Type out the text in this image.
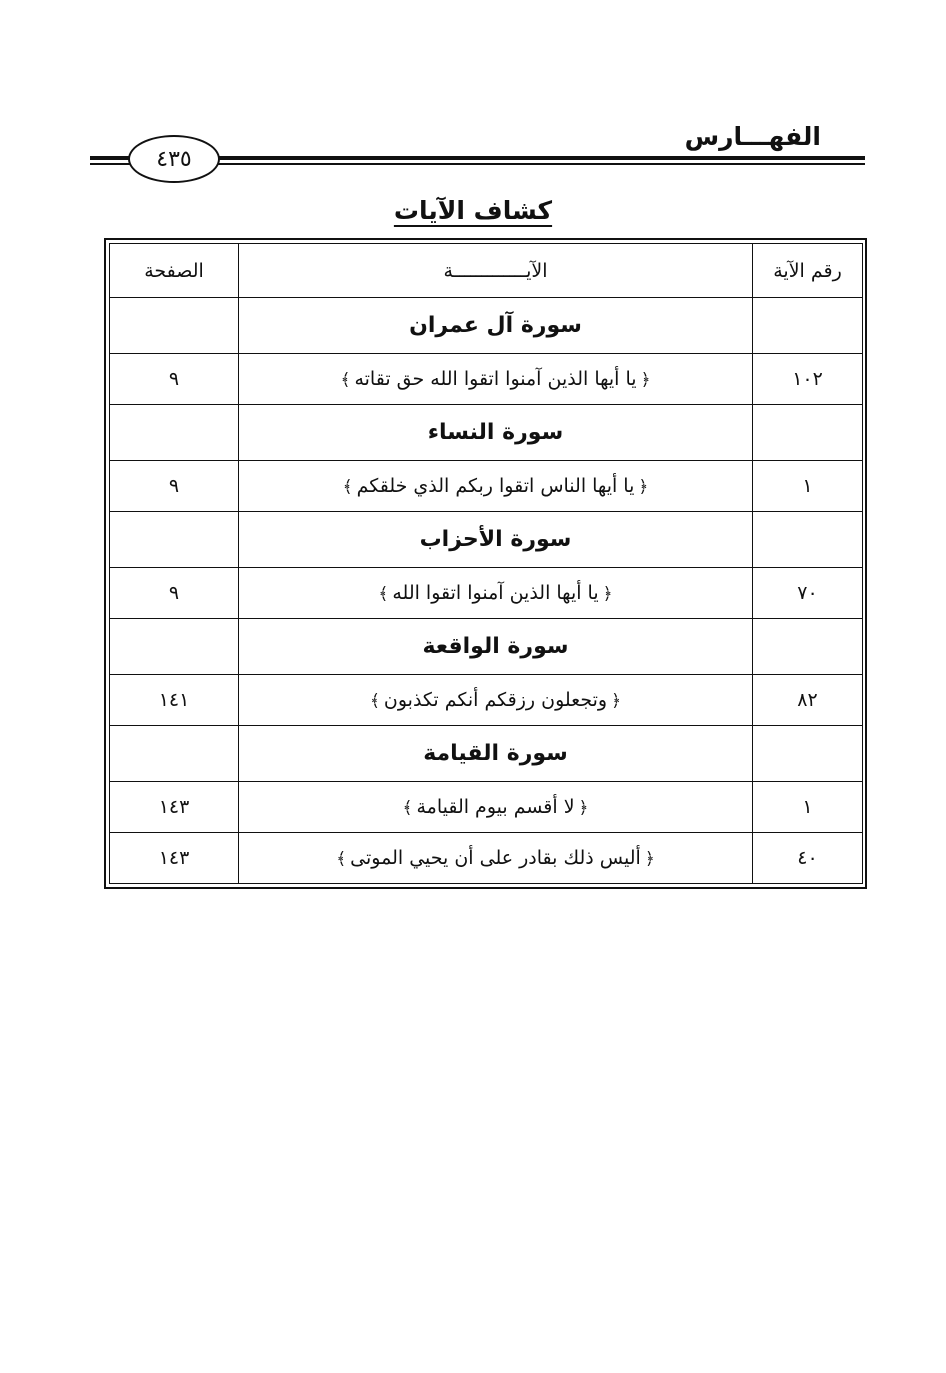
الفهـــارس
٤٣٥
كشاف الآيات
رقم الآية	الآيـــــــــــــة	الصفحة
	سورة آل عمران	
١٠٢	﴿يا أيها الذين آمنوا اتقوا الله حق تقاته﴾	٩
	سورة النساء	
١	﴿يا أيها الناس اتقوا ربكم الذي خلقكم﴾	٩
	سورة الأحزاب	
٧٠	﴿يا أيها الذين آمنوا اتقوا الله﴾	٩
	سورة الواقعة	
٨٢	﴿وتجعلون رزقكم أنكم تكذبون﴾	١٤١
	سورة القيامة	
١	﴿لا أقسم بيوم القيامة﴾	١٤٣
٤٠	﴿أليس ذلك بقادر على أن يحيي الموتى﴾	١٤٣
